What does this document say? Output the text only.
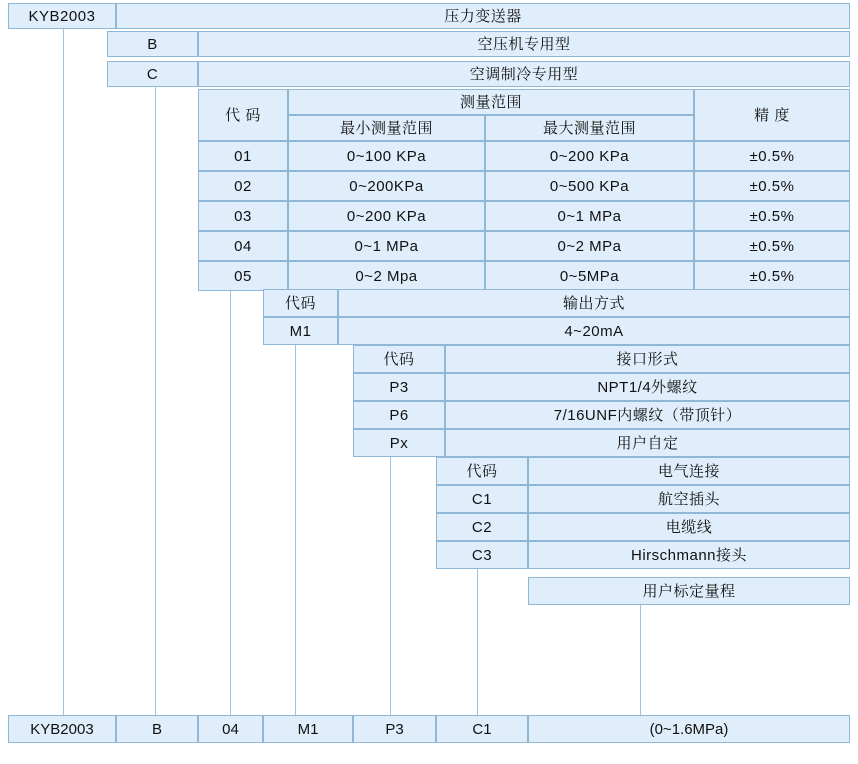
KYB2003	压力变送器
B	空压机专用型
C	空调制冷专用型
代 码
测量范围
最小测量范围	最大测量范围
精 度
01	0~100 KPa	0~200 KPa	±0.5%
02	0~200KPa	0~500 KPa	±0.5%
03	0~200 KPa	0~1 MPa	±0.5%
04	0~1 MPa	0~2 MPa	±0.5%
05	0~2 Mpa	0~5MPa	±0.5%
代码	输出方式
M1	4~20mA
代码	接口形式
P3	NPT1/4外螺纹
P6	7/16UNF内螺纹（带顶针）
Px	用户自定
代码	电气连接
C1	航空插头
C2	电缆线
C3	Hirschmann接头
用户标定量程
KYB2003	B	04	M1	P3	C1	(0~1.6MPa)
